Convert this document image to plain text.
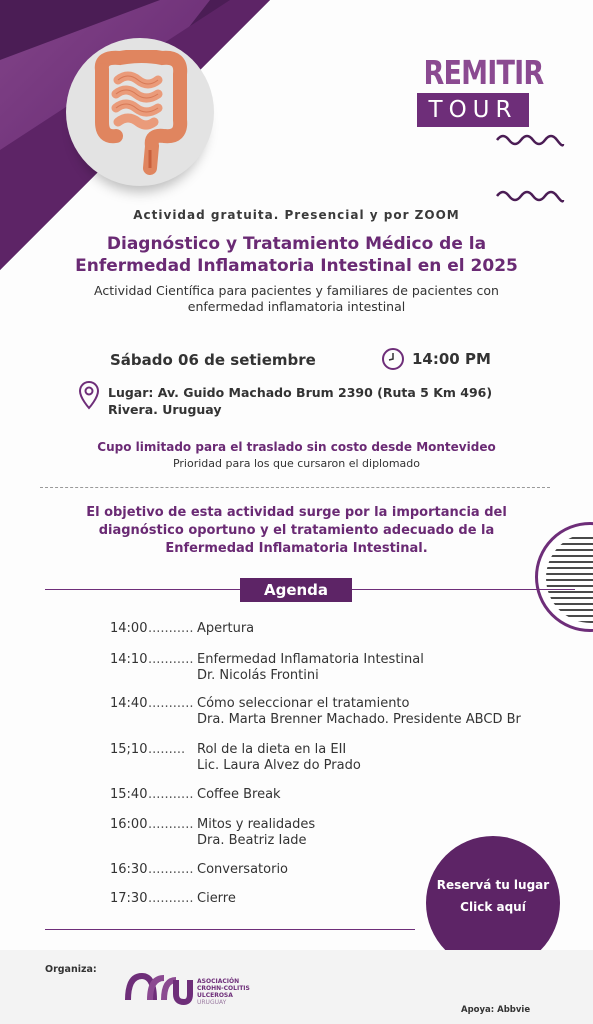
REMITIR
TOUR
Actividad gratuita. Presencial y por ZOOM
Diagnóstico y Tratamiento Médico de la
Enfermedad Inflamatoria Intestinal en el 2025
Actividad Científica para pacientes y familiares de pacientes con
enfermedad inflamatoria intestinal
Sábado 06 de setiembre	14:00 PM
Lugar: Av. Guido Machado Brum 2390 (Ruta 5 Km 496)
Rivera. Uruguay
Cupo limitado para el traslado sin costo desde Montevideo
Prioridad para los que cursaron el diplomado
El objetivo de esta actividad surge por la importancia del
diagnóstico oportuno y el tratamiento adecuado de la
Enfermedad Inflamatoria Intestinal.
Agenda
14:00 ........... Apertura
14:10 ........... Enfermedad Inflamatoria Intestinal
Dr. Nicolás Frontini
14:40 ........... Cómo seleccionar el tratamiento
Dra. Marta Brenner Machado. Presidente ABCD Br
15;10 ......... Rol de la dieta en la EII
Lic. Laura Alvez do Prado
15:40 ........... Coffee Break
16:00 ........... Mitos y realidades
Dra. Beatriz Iade
16:30 ........... Conversatorio
17:30 ........... Cierre
Reservá tu lugar
Click aquí
Organiza:
ASOCIACIÓN
CROHN-COLITIS
ULCEROSA
URUGUAY
Apoya: Abbvie
